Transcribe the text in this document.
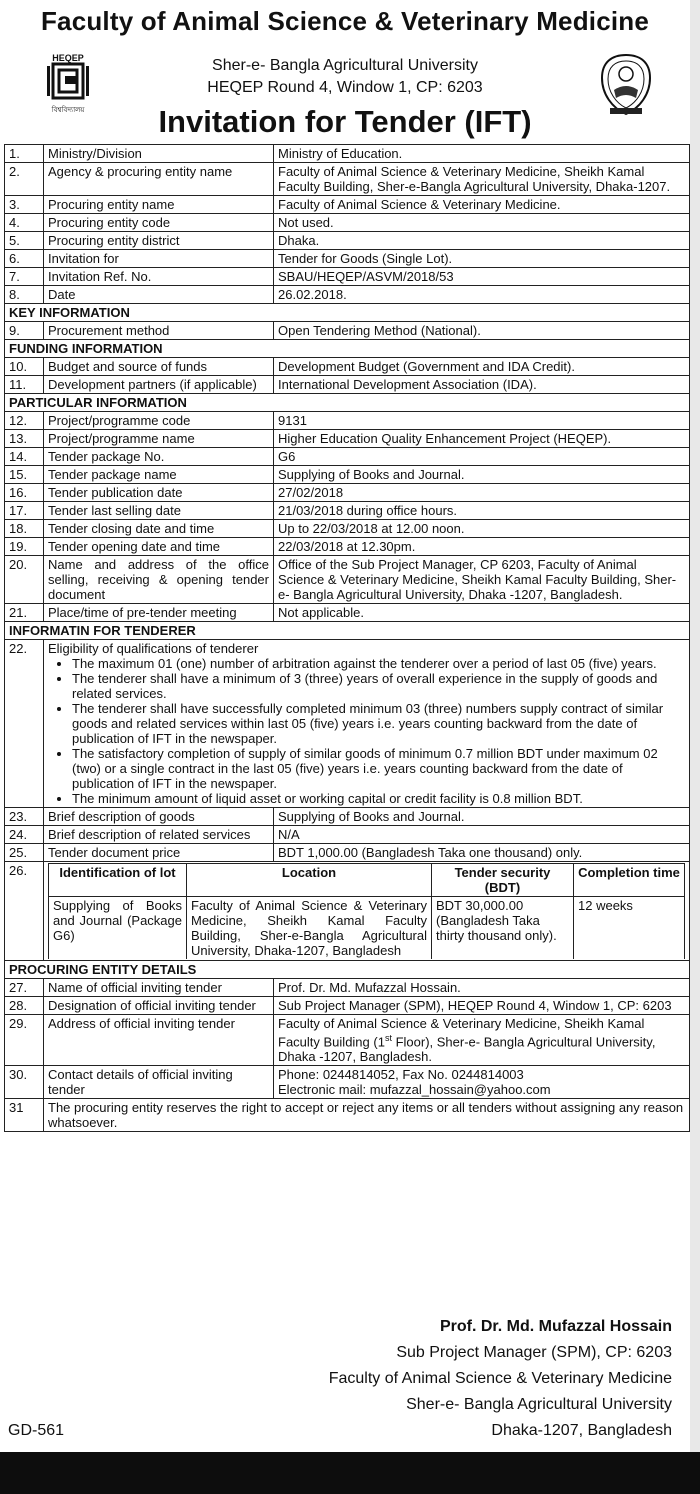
Faculty of Animal Science & Veterinary Medicine
HEQEP
বিশ্ববিদ্যালয়
Sher-e- Bangla Agricultural University
HEQEP Round 4, Window 1, CP: 6203
Invitation for Tender (IFT)
1.	Ministry/Division	Ministry of Education.
2.	Agency & procuring entity name	Faculty of Animal Science & Veterinary Medicine, Sheikh Kamal Faculty Building, Sher-e-Bangla Agricultural University, Dhaka-1207.
3.	Procuring entity name	Faculty of Animal Science & Veterinary Medicine.
4.	Procuring entity code	Not used.
5.	Procuring entity district	Dhaka.
6.	Invitation for	Tender for Goods (Single Lot).
7.	Invitation Ref. No.	SBAU/HEQEP/ASVM/2018/53
8.	Date	26.02.2018.
KEY INFORMATION
9.	Procurement method	Open Tendering Method (National).
FUNDING INFORMATION
10.	Budget and source of funds	Development Budget (Government and IDA Credit).
11.	Development partners (if applicable)	International Development Association (IDA).
PARTICULAR INFORMATION
12.	Project/programme code	9131
13.	Project/programme name	Higher Education Quality Enhancement Project (HEQEP).
14.	Tender package No.	G6
15.	Tender package name	Supplying of Books and Journal.
16.	Tender publication date	27/02/2018
17.	Tender last selling date	21/03/2018 during office hours.
18.	Tender closing date and time	Up to 22/03/2018 at 12.00 noon.
19.	Tender opening date and time	22/03/2018 at 12.30pm.
20.	Name and address of the office selling, receiving & opening tender document	Office of the Sub Project Manager, CP 6203, Faculty of Animal Science & Veterinary Medicine, Sheikh Kamal Faculty Building, Sher-e- Bangla Agricultural University, Dhaka -1207, Bangladesh.
21.	Place/time of pre-tender meeting	Not applicable.
INFORMATIN FOR TENDERER
22.	Eligibility of qualifications of tenderer
• The maximum 01 (one) number of arbitration against the tenderer over a period of last 05 (five) years.
• The tenderer shall have a minimum of 3 (three) years of overall experience in the supply of goods and related services.
• The tenderer shall have successfully completed minimum 03 (three) numbers supply contract of similar goods and related services within last 05 (five) years i.e. years counting backward from the date of publication of IFT in the newspaper.
• The satisfactory completion of supply of similar goods of minimum 0.7 million BDT under maximum 02 (two) or a single contract in the last 05 (five) years i.e. years counting backward from the date of publication of IFT in the newspaper.
• The minimum amount of liquid asset or working capital or credit facility is 0.8 million BDT.

23.	Brief description of goods	Supplying of Books and Journal.
24.	Brief description of related services	N/A
25.	Tender document price	BDT 1,000.00 (Bangladesh Taka one thousand) only.
26.	Identification of lot	Location	Tender security (BDT)	Completion time
Supplying of Books and Journal (Package G6)	Faculty of Animal Science & Veterinary Medicine, Sheikh Kamal Faculty Building, Sher-e-Bangla Agricultural University, Dhaka-1207, Bangladesh	BDT 30,000.00 (Bangladesh Taka thirty thousand only).	12 weeks

PROCURING ENTITY DETAILS
27.	Name of official inviting tender	Prof. Dr. Md. Mufazzal Hossain.
28.	Designation of official inviting tender	Sub Project Manager (SPM), HEQEP Round 4, Window 1, CP: 6203
29.	Address of official inviting tender	Faculty of Animal Science & Veterinary Medicine, Sheikh Kamal Faculty Building (1st Floor), Sher-e- Bangla Agricultural University, Dhaka -1207, Bangladesh.
30.	Contact details of official inviting tender	
Phone: 0244814052, Fax No. 0244814003
Electronic mail: mufazzal_hossain@yahoo.com

31	The procuring entity reserves the right to accept or reject any items or all tenders without assigning any reason whatsoever.
Prof. Dr. Md. Mufazzal Hossain
Sub Project Manager (SPM), CP: 6203
Faculty of Animal Science & Veterinary Medicine
Sher-e- Bangla Agricultural University
Dhaka-1207, Bangladesh
GD-561
